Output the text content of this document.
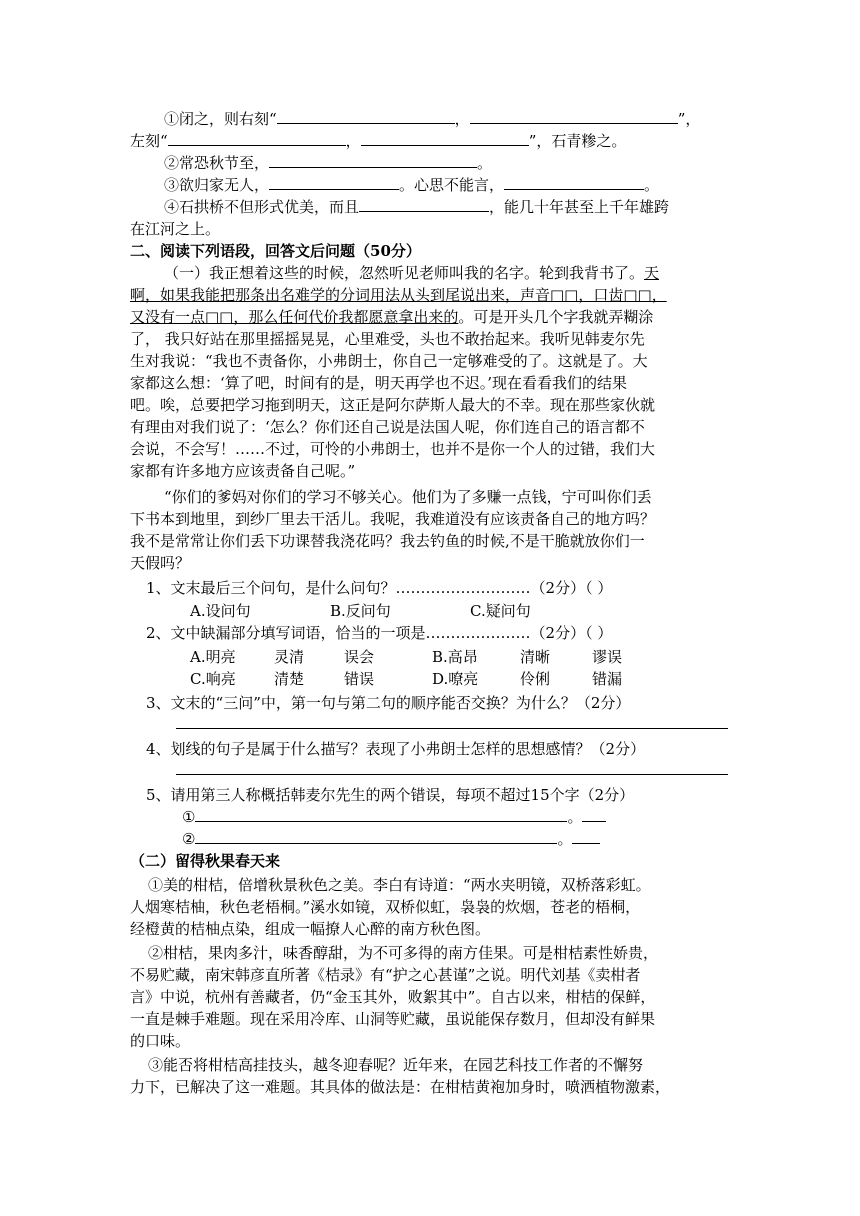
①闭之，则右刻“	，	”，
左刻“	，	”，石青糁之。
②常恐秋节至，	。
③欲归家无人，	。心思不能言，	。
④石拱桥不但形式优美，而且	，能几十年甚至上千年雄跨
在江河之上。
二、阅读下列语段，回答文后问题（50分）
（一）我正想着这些的时候，忽然听见老师叫我的名字。轮到我背书了。天
啊，如果我能把那条出名难学的分词用法从头到尾说出来，声音□□，口齿□□，
又没有一点□□，那么任何代价我都愿意拿出来的。可是开头几个字我就弄糊涂
了， 我只好站在那里摇摇晃晃，心里难受，头也不敢抬起来。我听见韩麦尔先
生对我说：“我也不责备你，小弗朗士，你自己一定够难受的了。这就是了。大
家都这么想：‘算了吧，时间有的是，明天再学也不迟。’现在看看我们的结果
吧。唉，总要把学习拖到明天，这正是阿尔萨斯人最大的不幸。现在那些家伙就
有理由对我们说了：‘怎么？你们还自己说是法国人呢，你们连自己的语言都不
会说，不会写！……不过，可怜的小弗朗士，也并不是你一个人的过错，我们大
家都有许多地方应该责备自己呢。”
“你们的爹妈对你们的学习不够关心。他们为了多赚一点钱，宁可叫你们丢
下书本到地里，到纱厂里去干活儿。我呢，我难道没有应该责备自己的地方吗？
我不是常常让你们丢下功课替我浇花吗？我去钓鱼的时候,不是干脆就放你们一
天假吗？
1、文末最后三个问句，是什么问句？………………………（2分）（ ）
A.设问句	B.反问句	C.疑问句
2、文中缺漏部分填写词语，恰当的一项是…………………（2分）（ ）
A.明亮	灵清	误会	B.高昂	清晰	谬误
C.响亮	清楚	错误	D.嘹亮	伶俐	错漏
3、文末的“三问”中，第一句与第二句的顺序能否交换？为什么？（2分）
4、划线的句子是属于什么描写？表现了小弗朗士怎样的思想感情？（2分）
5、请用第三人称概括韩麦尔先生的两个错误，每项不超过15个字（2分）
①	。
②	。
（二）留得秋果春天来
①美的柑桔，倍增秋景秋色之美。李白有诗道：“两水夹明镜，双桥落彩虹。
人烟寒桔柚，秋色老梧桐。”溪水如镜，双桥似虹，袅袅的炊烟，苍老的梧桐，
经橙黄的桔柚点染，组成一幅撩人心醉的南方秋色图。
②柑桔，果肉多汁，味香醇甜，为不可多得的南方佳果。可是柑桔素性娇贵，
不易贮藏，南宋韩彦直所著《桔录》有“护之心甚谨”之说。明代刘基《卖柑者
言》中说，杭州有善藏者，仍“金玉其外，败絮其中”。自古以来，柑桔的保鲜，
一直是棘手难题。现在采用冷库、山洞等贮藏，虽说能保存数月，但却没有鲜果
的口味。
③能否将柑桔高挂技头，越冬迎春呢？近年来，在园艺科技工作者的不懈努
力下，已解决了这一难题。其具体的做法是：在柑桔黄袍加身时，喷洒植物激素，
